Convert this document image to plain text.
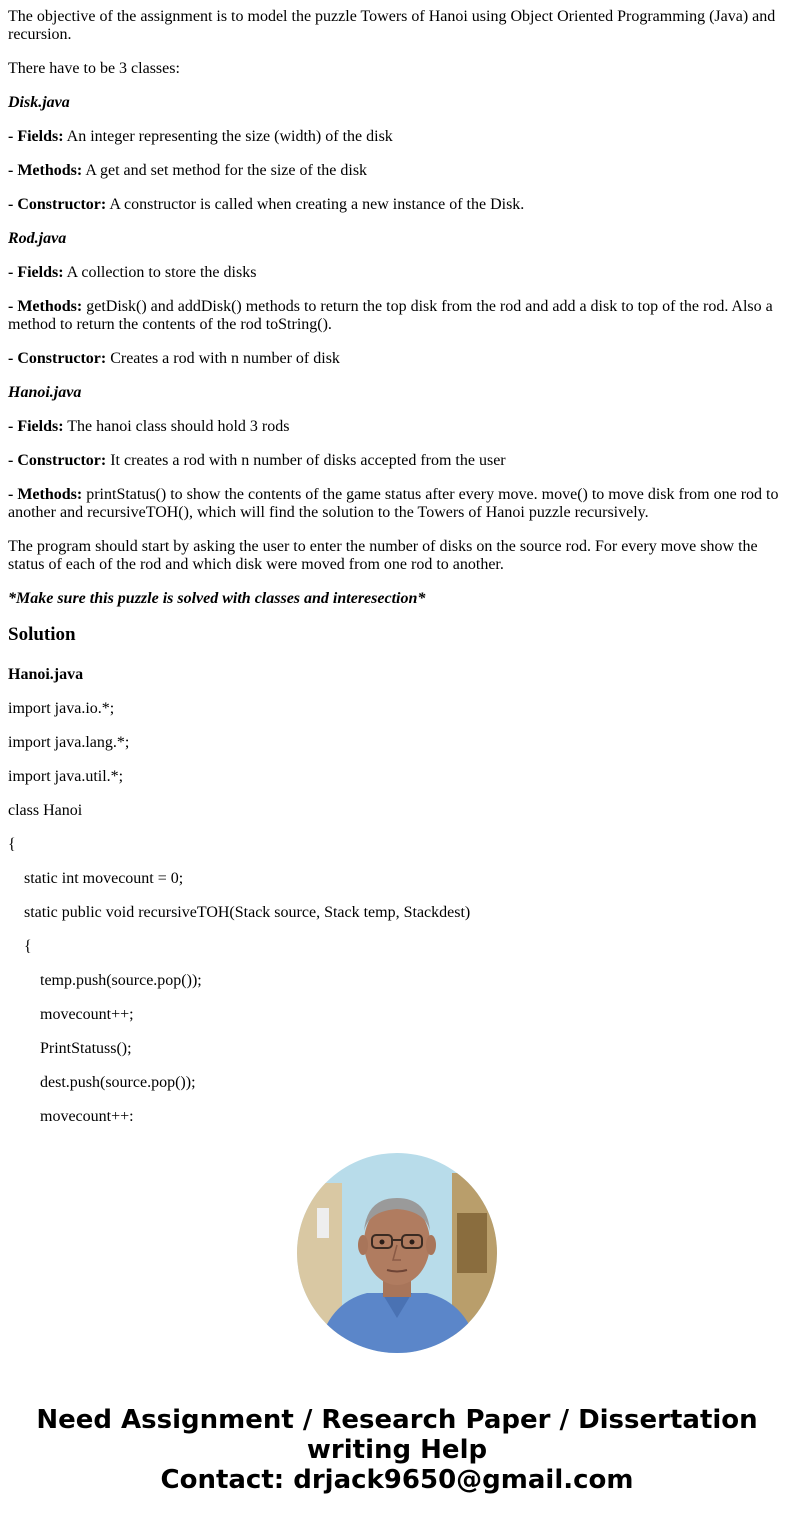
The objective of the assignment is to model the puzzle Towers of Hanoi using Object Oriented Programming (Java) and recursion.

There have to be 3 classes:

Disk.java

- Fields: An integer representing the size (width) of the disk

- Methods: A get and set method for the size of the disk

- Constructor: A constructor is called when creating a new instance of the Disk.

Rod.java

- Fields: A collection to store the disks

- Methods: getDisk() and addDisk() methods to return the top disk from the rod and add a disk to top of the rod. Also a method to return the contents of the rod toString().

- Constructor: Creates a rod with n number of disk

Hanoi.java

- Fields: The hanoi class should hold 3 rods

- Constructor: It creates a rod with n number of disks accepted from the user

- Methods: printStatus() to show the contents of the game status after every move. move() to move disk from one rod to another and recursiveTOH(), which will find the solution to the Towers of Hanoi puzzle recursively.

The program should start by asking the user to enter the number of disks on the source rod. For every move show the status of each of the rod and which disk were moved from one rod to another.

*Make sure this puzzle is solved with classes and interesection*

Solution

Hanoi.java

import java.io.*;

import java.lang.*;

import java.util.*;

class Hanoi

{

static int movecount = 0;

static public void recursiveTOH(Stack source, Stack temp, Stackdest)

{

temp.push(source.pop());

movecount++;

PrintStatuss();

dest.push(source.pop());

movecount++:

Need Assignment / Research Paper / Dissertation
writing Help
Contact: drjack9650@gmail.com
